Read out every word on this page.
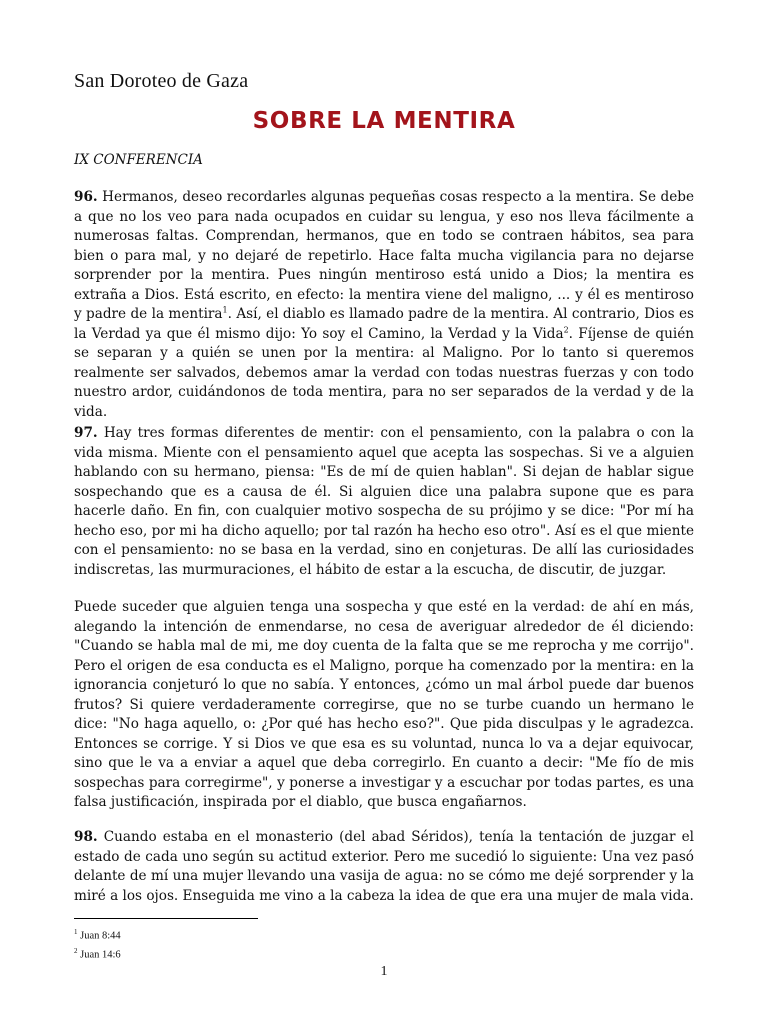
San Doroteo de Gaza
SOBRE LA MENTIRA
IX CONFERENCIA

96. Hermanos, deseo recordarles algunas pequeñas cosas respecto a la mentira. Se debe a que no los veo para nada ocupados en cuidar su lengua, y eso nos lleva fácilmente a numerosas faltas. Comprendan, hermanos, que en todo se contraen hábitos, sea para bien o para mal, y no dejaré de repetirlo. Hace falta mucha vigilancia para no dejarse sorprender por la mentira. Pues ningún mentiroso está unido a Dios; la mentira es extraña a Dios. Está escrito, en efecto: la mentira viene del maligno, ... y él es mentiroso y padre de la mentira$^1$. Así, el diablo es llamado padre de la mentira. Al contrario, Dios es la Verdad ya que él mismo dijo: Yo soy el Camino, la Verdad y la Vida$^2$. Fíjense de quién se separan y a quién se unen por la mentira: al Maligno. Por lo tanto si queremos realmente ser salvados, debemos amar la verdad con todas nuestras fuerzas y con todo nuestro ardor, cuidándonos de toda mentira, para no ser separados de la verdad y de la vida.

97. Hay tres formas diferentes de mentir: con el pensamiento, con la palabra o con la vida misma. Miente con el pensamiento aquel que acepta las sospechas. Si ve a alguien hablando con su hermano, piensa: "Es de mí de quien hablan". Si dejan de hablar sigue sospechando que es a causa de él. Si alguien dice una palabra supone que es para hacerle daño. En fin, con cualquier motivo sospecha de su prójimo y se dice: "Por mí ha hecho eso, por mi ha dicho aquello; por tal razón ha hecho eso otro". Así es el que miente con el pensamiento: no se basa en la verdad, sino en conjeturas. De allí las curiosidades indiscretas, las murmuraciones, el hábito de estar a la escucha, de discutir, de juzgar.

Puede suceder que alguien tenga una sospecha y que esté en la verdad: de ahí en más, alegando la intención de enmendarse, no cesa de averiguar alrededor de él diciendo: "Cuando se habla mal de mi, me doy cuenta de la falta que se me reprocha y me corrijo". Pero el origen de esa conducta es el Maligno, porque ha comenzado por la mentira: en la ignorancia conjeturó lo que no sabía. Y entonces, ¿cómo un mal árbol puede dar buenos frutos? Si quiere verdaderamente corregirse, que no se turbe cuando un hermano le dice: "No haga aquello, o: ¿Por qué has hecho eso?". Que pida disculpas y le agradezca. Entonces se corrige. Y si Dios ve que esa es su voluntad, nunca lo va a dejar equivocar, sino que le va a enviar a aquel que deba corregirlo. En cuanto a decir: "Me fío de mis sospechas para corregirme", y ponerse a investigar y a escuchar por todas partes, es una falsa justificación, inspirada por el diablo, que busca engañarnos.

98. Cuando estaba en el monasterio (del abad Séridos), tenía la tentación de juzgar el estado de cada uno según su actitud exterior. Pero me sucedió lo siguiente: Una vez pasó delante de mí una mujer llevando una vasija de agua: no se cómo me dejé sorprender y la miré a los ojos. Enseguida me vino a la cabeza la idea de que era una mujer de mala vida.

$^1$ Juan 8:44
$^2$ Juan 14:6
1
